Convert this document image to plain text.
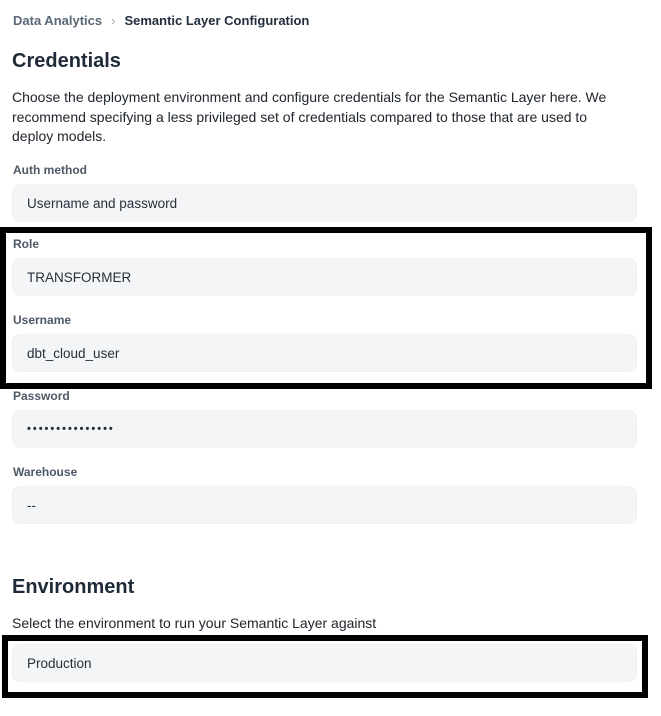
Data Analytics › Semantic Layer Configuration
Credentials

Choose the deployment environment and configure credentials for the Semantic Layer here. We recommend specifying a less privileged set of credentials compared to those that are used to deploy models.

Auth method
Username and password
Role
TRANSFORMER
Username
dbt_cloud_user
Password
•••••••••••••••
Warehouse
--
Environment

Select the environment to run your Semantic Layer against

Production
